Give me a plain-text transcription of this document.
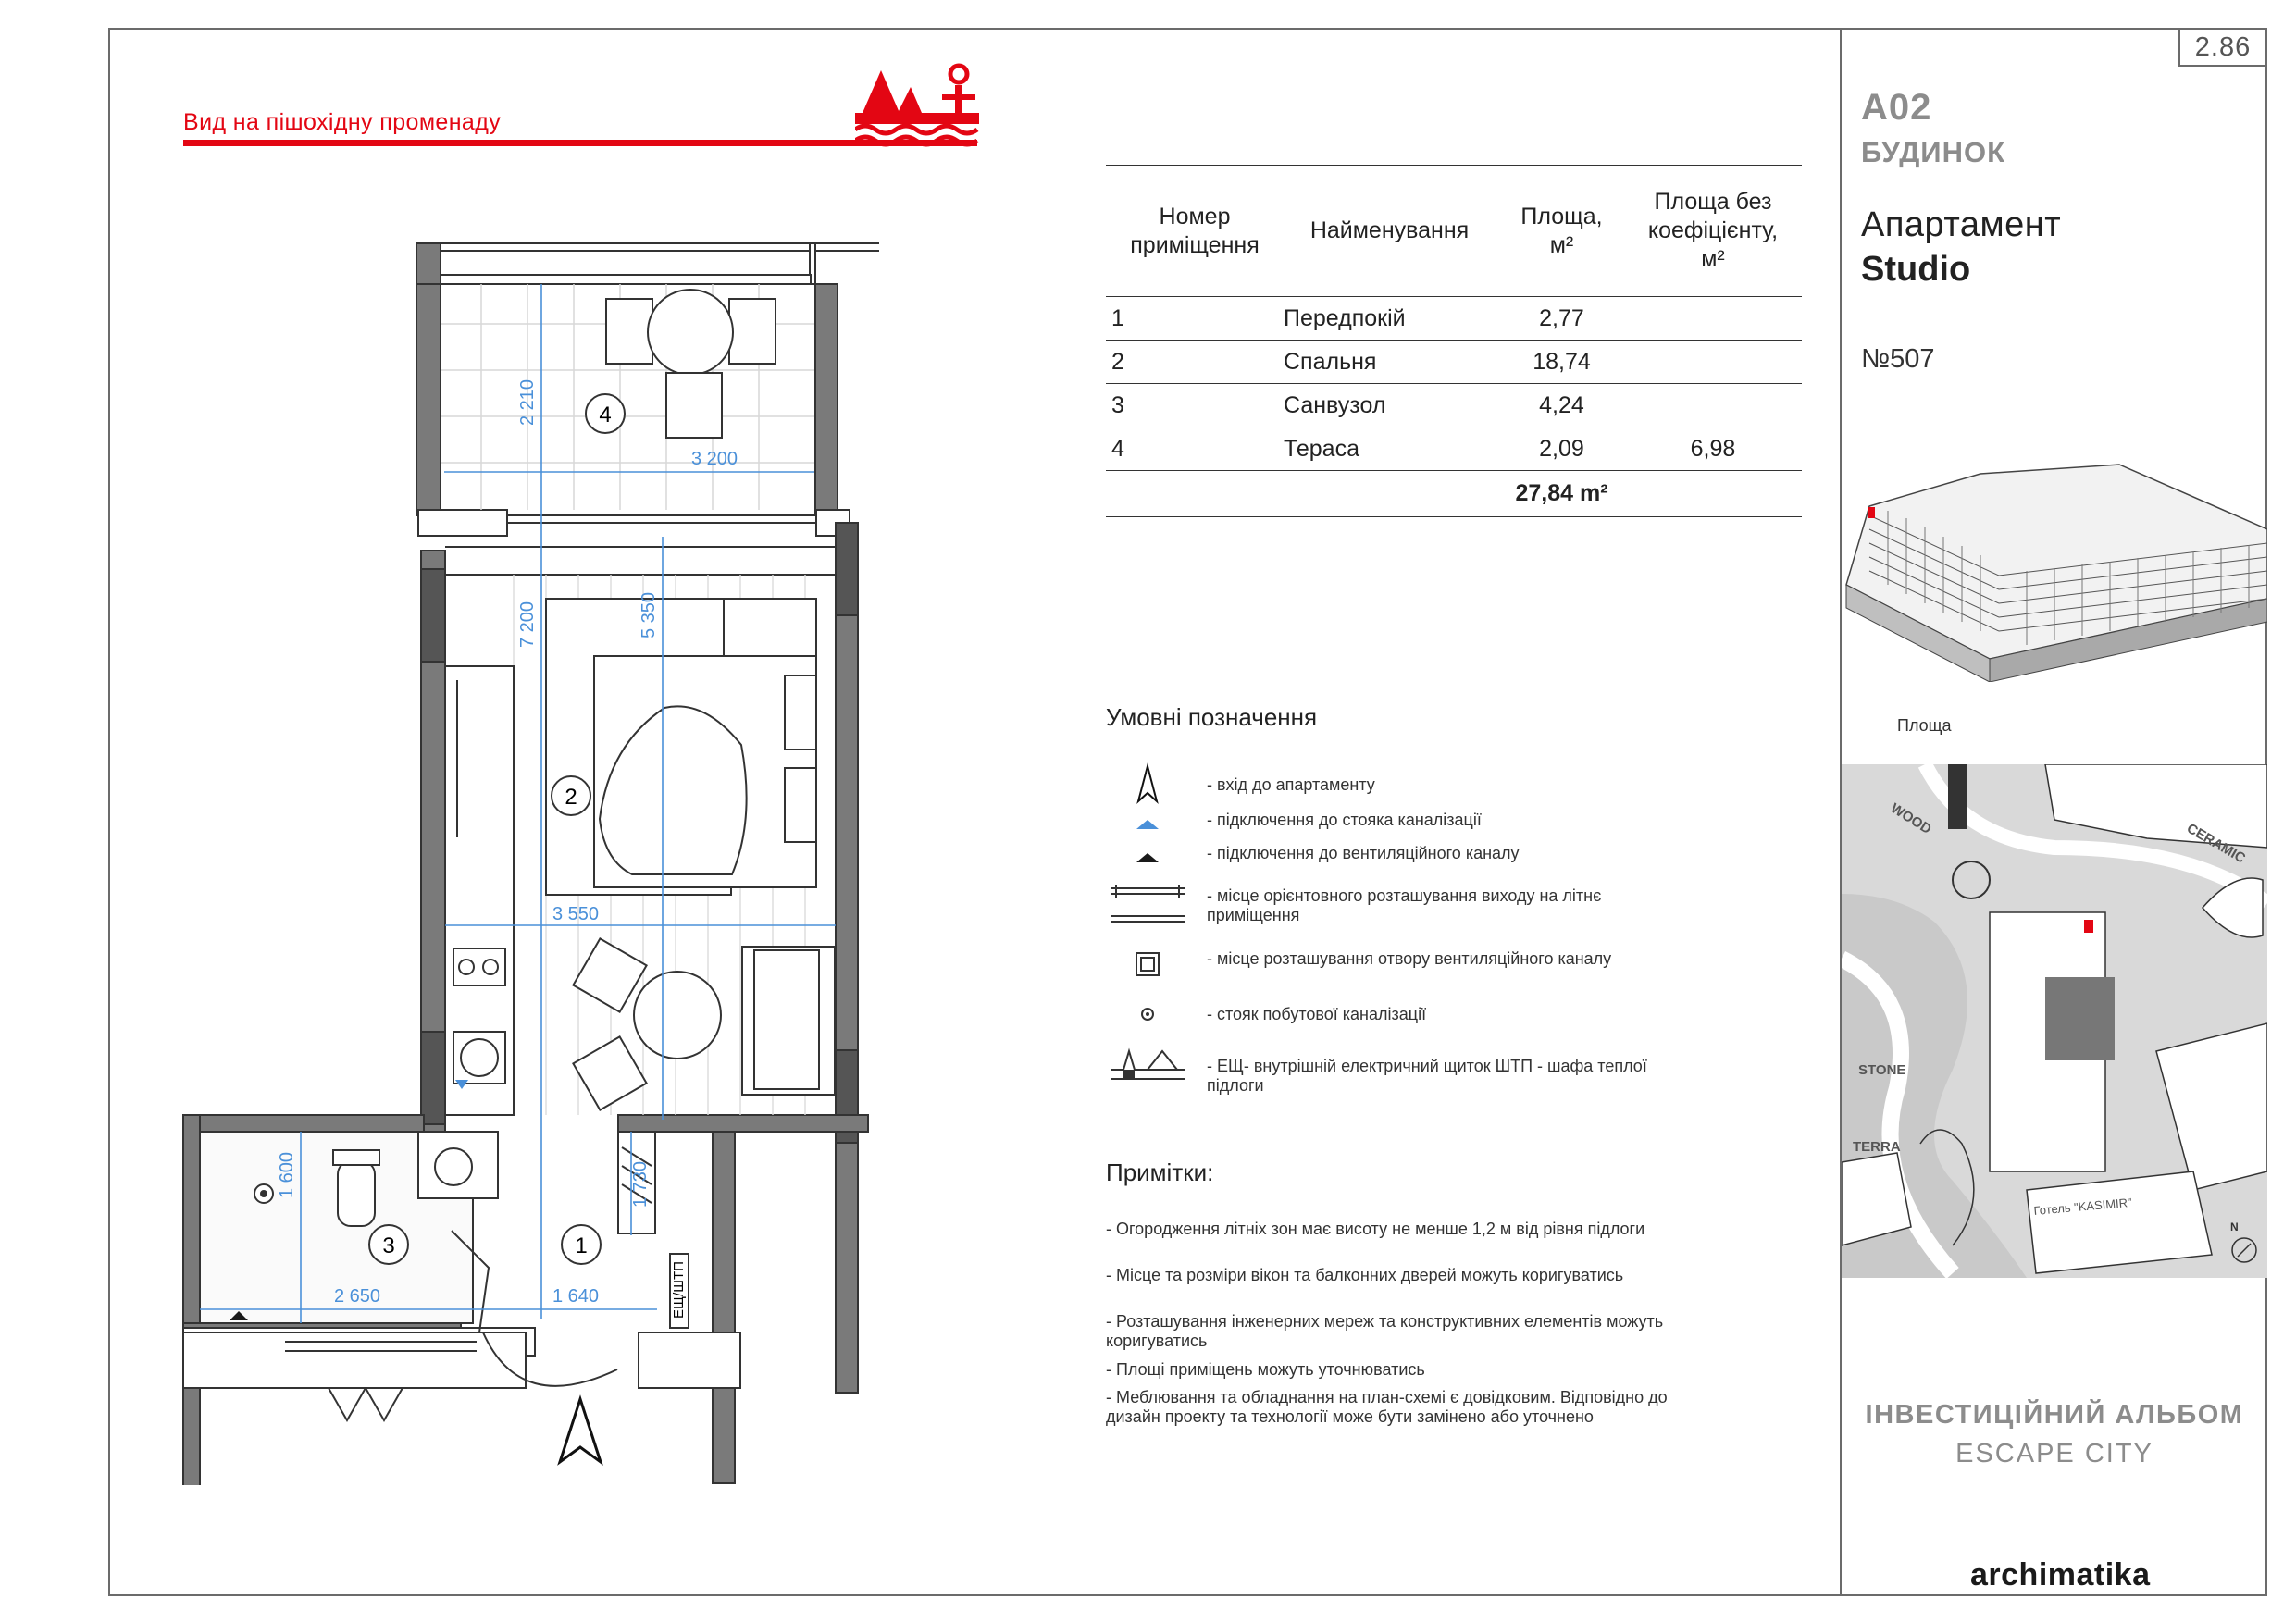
2.86
Вид на пішохідну променаду
4
2
3
ЕЩ/ШТП
1
3 200
2 210
7 200	5 350
3 550
1 600	1 730
2 650	1 640
Номер
приміщення	Найменування	Площа,
м²	Площа без
коефіцієнту,
м²
1	Передпокій	2,77	
2	Спальня	18,74	
3	Санвузол	4,24	
4	Тераса	2,09	6,98
		27,84 m²	
Умовні позначення
- вхід до апартаменту
- підключення до стояка каналізації
- підключення до вентиляційного каналу
- місце орієнтовного розташування виходу на літнє приміщення
- місце розташування отвору вентиляційного каналу
- стояк побутової каналізації
- ЕЩ- внутрішній електричний щиток ШТП - шафа теплої підлоги
Примітки:
- Огородження літніх зон має висоту не менше 1,2 м від рівня підлоги
- Місце та розміри вікон та балконних дверей можуть коригуватись
- Розташування інженерних мереж та конструктивних елементів можуть коригуватись
- Площі приміщень можуть уточнюватись
- Меблювання та обладнання на план-схемі є довідковим. Відповідно до дизайн проекту та технології може бути замінено або уточнено
A02
БУДИНОК
Апартамент
Studio
№507
Площа
WOOD
CERAMIC
STONE
TERRA
Готель "KASIMIR"
N
ІНВЕСТИЦІЙНИЙ АЛЬБОМ
ESCAPE CITY
archimatika
